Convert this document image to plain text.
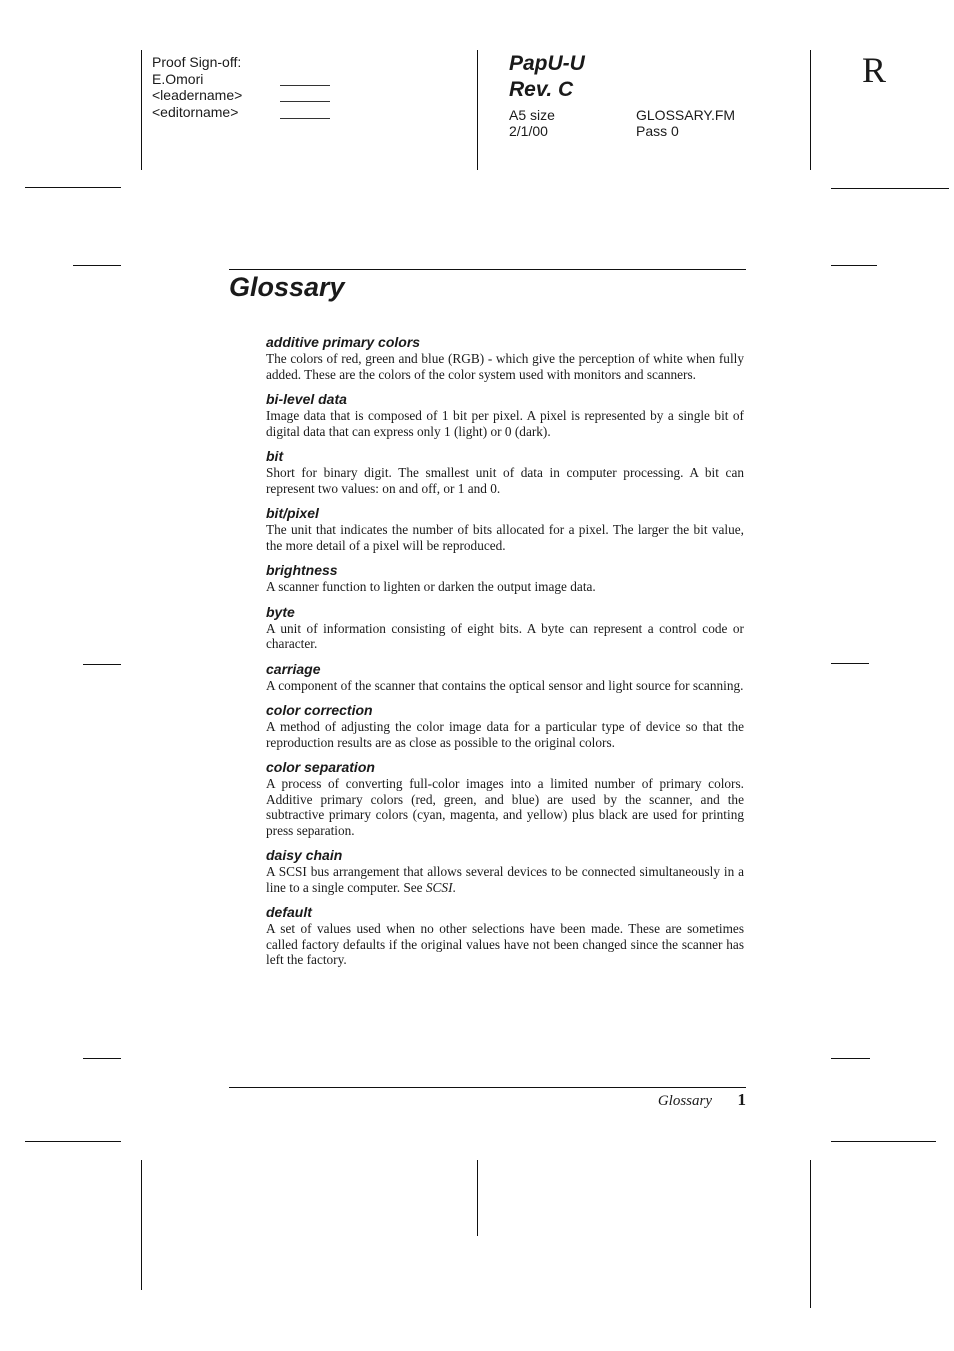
Proof Sign-off:
E.Omori
<leadername>
<editorname>
PapU-U
Rev. C
A5 size	GLOSSARY.FM
2/1/00	Pass 0
R
Glossary
additive primary colors
The colors of red, green and blue (RGB) - which give the perception of white when fully added. These are the colors of the color system used with monitors and scanners.
bi-level data
Image data that is composed of 1 bit per pixel. A pixel is represented by a single bit of digital data that can express only 1 (light) or 0 (dark).
bit
Short for binary digit. The smallest unit of data in computer processing. A bit can represent two values: on and off, or 1 and 0.
bit/pixel
The unit that indicates the number of bits allocated for a pixel. The larger the bit value, the more detail of a pixel will be reproduced.
brightness
A scanner function to lighten or darken the output image data.
byte
A unit of information consisting of eight bits. A byte can represent a control code or character.
carriage
A component of the scanner that contains the optical sensor and light source for scanning.
color correction
A method of adjusting the color image data for a particular type of device so that the reproduction results are as close as possible to the original colors.
color separation
A process of converting full-color images into a limited number of primary colors. Additive primary colors (red, green, and blue) are used by the scanner, and the subtractive primary colors (cyan, magenta, and yellow) plus black are used for printing press separation.
daisy chain
A SCSI bus arrangement that allows several devices to be connected simultaneously in a line to a single computer. See SCSI.
default
A set of values used when no other selections have been made. These are sometimes called factory defaults if the original values have not been changed since the scanner has left the factory.
Glossary	1
